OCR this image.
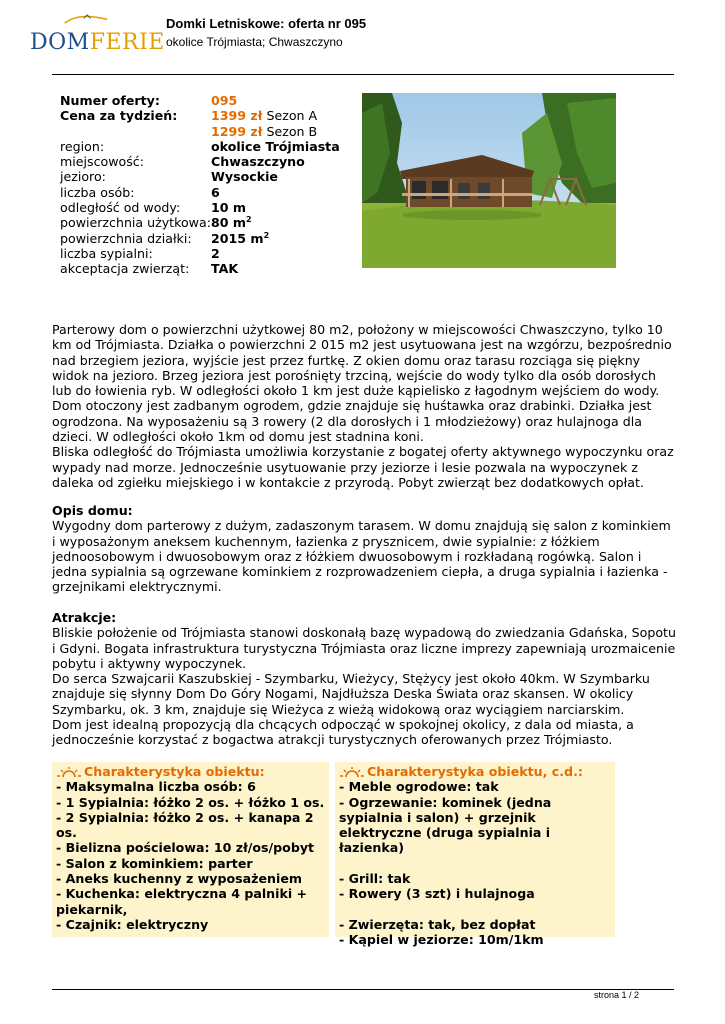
DOMFERIE
Domki Letniskowe: oferta nr 095
okolice Trójmiasta; Chwaszczyno
Numer oferty:	095
Cena za tydzień:	1399 zł Sezon A
1299 zł Sezon B
region:	okolice Trójmiasta
miejscowość:	Chwaszczyno
jezioro:	Wysockie
liczba osób:	6
odległość od wody:	10 m
powierzchnia użytkowa: 80 $m^2$
powierzchnia działki:	2015 $m^2$
liczba sypialni:	2
akceptacja zwierząt:	TAK

Parterowy dom o powierzchni użytkowej 80 m2, położony w miejscowości Chwaszczyno, tylko 10 km od Trójmiasta. Działka o powierzchni 2 015 m2 jest usytuowana jest na wzgórzu, bezpośrednio nad brzegiem jeziora, wyjście jest przez furtkę. Z okien domu oraz tarasu rozciąga się piękny widok na jezioro. Brzeg jeziora jest porośnięty trzciną, wejście do wody tylko dla osób dorosłych lub do łowienia ryb. W odległości około 1 km jest duże kąpielisko z łagodnym wejściem do wody. Dom otoczony jest zadbanym ogrodem, gdzie znajduje się huśtawka oraz drabinki. Działka jest ogrodzona. Na wyposażeniu są 3 rowery (2 dla dorosłych i 1 młodzieżowy) oraz hulajnoga dla dzieci. W odległości około 1km od domu jest stadnina koni.

Bliska odległość do Trójmiasta umożliwia korzystanie z bogatej oferty aktywnego wypoczynku oraz wypady nad morze. Jednocześnie usytuowanie przy jeziorze i lesie pozwala na wypoczynek z daleka od zgiełku miejskiego i w kontakcie z przyrodą. Pobyt zwierząt bez dodatkowych opłat.

Opis domu:

Wygodny dom parterowy z dużym, zadaszonym tarasem. W domu znajdują się salon z kominkiem i wyposażonym aneksem kuchennym, łazienka z prysznicem, dwie sypialnie: z łóżkiem jednoosobowym i dwuosobowym oraz z łóżkiem dwuosobowym i rozkładaną rogówką. Salon i jedna sypialnia są ogrzewane kominkiem z rozprowadzeniem ciepła, a druga sypialnia i łazienka - grzejnikami elektrycznymi.

Atrakcje:

Bliskie położenie od Trójmiasta stanowi doskonałą bazę wypadową do zwiedzania Gdańska, Sopotu i Gdyni. Bogata infrastruktura turystyczna Trójmiasta oraz liczne imprezy zapewniają urozmaicenie pobytu i aktywny wypoczynek.

Do serca Szwajcarii Kaszubskiej - Szymbarku, Wieżycy, Stężycy jest około 40km. W Szymbarku znajduje się słynny Dom Do Góry Nogami, Najdłuższa Deska Świata oraz skansen. W okolicy Szymbarku, ok. 3 km, znajduje się Wieżyca z wieżą widokową oraz wyciągiem narciarskim.

Dom jest idealną propozycją dla chcących odpocząć w spokojnej okolicy, z dala od miasta, a jednocześnie korzystać z bogactwa atrakcji turystycznych oferowanych przez Trójmiasto.

Charakterystyka obiektu:
- Maksymalna liczba osób: 6
- 1 Sypialnia: łóżko 2 os. + łóżko 1 os.
- 2 Sypialnia: łóżko 2 os. + kanapa 2 os.
- Bielizna pościelowa: 10 zł/os/pobyt
- Salon z kominkiem: parter
- Aneks kuchenny z wyposażeniem
- Kuchenka: elektryczna 4 palniki + piekarnik,
- Czajnik: elektryczny
Charakterystyka obiektu, c.d.:
- Meble ogrodowe: tak
- Ogrzewanie: kominek (jedna sypialnia i salon) + grzejnik elektryczne (druga sypialnia i łazienka)
- Grill: tak
- Rowery (3 szt) i hulajnoga
- Zwierzęta: tak, bez dopłat
- Kąpiel w jeziorze: 10m/1km
strona 1 / 2
